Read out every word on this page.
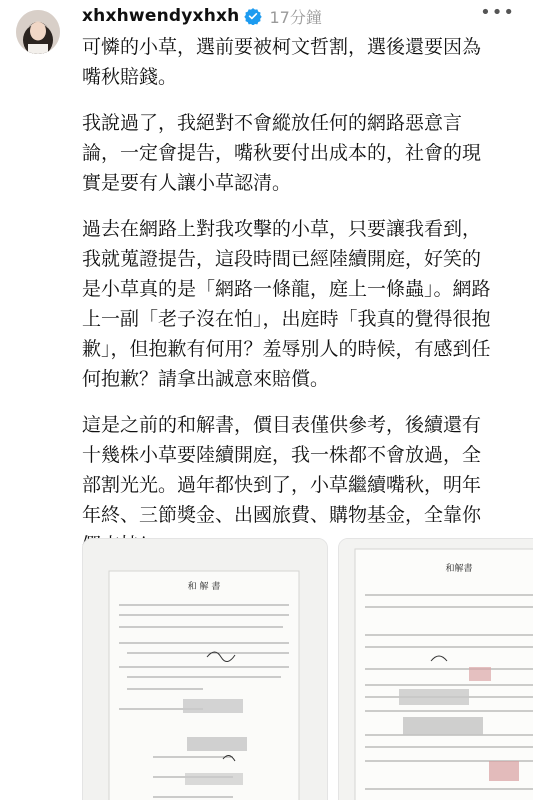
xhxhwendyxhxh 17分鐘	•••

可憐的小草，選前要被柯文哲割，選後還要因為
嘴秋賠錢。

我說過了，我絕對不會縱放任何的網路惡意言
論，一定會提告，嘴秋要付出成本的，社會的現
實是要有人讓小草認清。

過去在網路上對我攻擊的小草，只要讓我看到，
我就蒐證提告，這段時間已經陸續開庭，好笑的
是小草真的是「網路一條龍，庭上一條蟲」。網路
上一副「老子沒在怕」，出庭時「我真的覺得很抱
歉」，但抱歉有何用？羞辱別人的時候，有感到任
何抱歉？請拿出誠意來賠償。

這是之前的和解書，價目表僅供參考，後續還有
十幾株小草要陸續開庭，我一株都不會放過，全
部割光光。過年都快到了，小草繼續嘴秋，明年
年終、三節獎金、出國旅費、購物基金，全靠你

和 解 書
和解書
